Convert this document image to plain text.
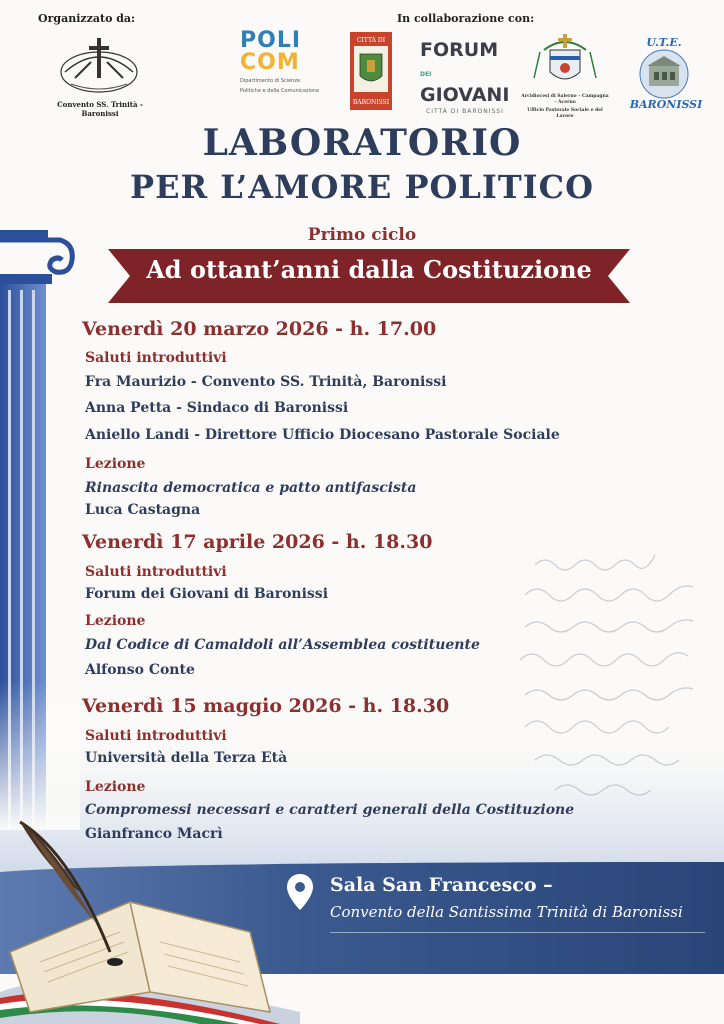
Organizzato da:
Convento SS. Trinità - Baronissi
In collaborazione con:
POLI
COM
Dipartimento di Scienze
Politiche e della Comunicazione
CITTÀ DI
BARONISSI
FORUM DEI
GIOVANI
CITTÀ DI BARONISSI
Arcidiocesi di Salerno – Campagna – Acerno
Ufficio Pastorale Sociale e del Lavoro
U.T.E.
BARONISSI
LABORATORIO
PER L’AMORE POLITICO
Primo ciclo
Ad ottant’anni dalla Costituzione
Venerdì 20 marzo 2026 - h. 17.00
Saluti introduttivi
Fra Maurizio - Convento SS. Trinità, Baronissi
Anna Petta - Sindaco di Baronissi
Aniello Landi - Direttore Ufficio Diocesano Pastorale Sociale
Lezione
Rinascita democratica e patto antifascista
Luca Castagna
Venerdì 17 aprile 2026 - h. 18.30
Saluti introduttivi
Forum dei Giovani di Baronissi
Lezione
Dal Codice di Camaldoli all’Assemblea costituente
Alfonso Conte
Venerdì 15 maggio 2026 - h. 18.30
Saluti introduttivi
Università della Terza Età
Lezione
Compromessi necessari e caratteri generali della Costituzione
Gianfranco Macrì
Sala San Francesco –
Convento della Santissima Trinità di Baronissi
